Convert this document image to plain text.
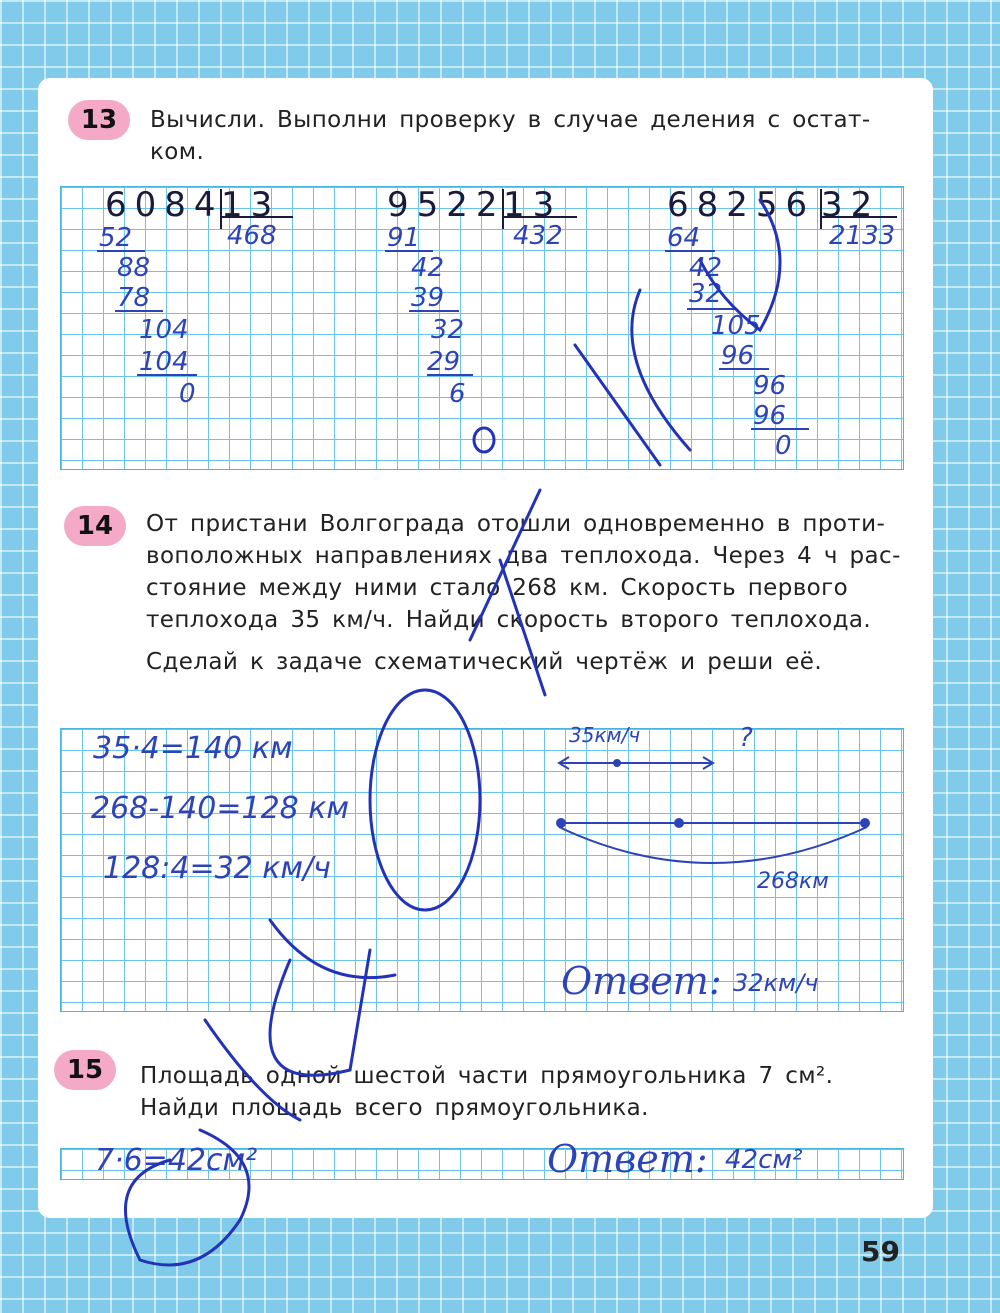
13 Вычисли. Выполни проверку в случае деления с остат-
ком.
6084
13
468
52
88
78
104
104
0
9522
13
432
91
42
39
32
29
6
68256 32
2133
64
42
32
105
96
96
96
0
14 От пристани Волгограда отошли одновременно в проти-
воположных направлениях два теплохода. Через 4 ч рас-
стояние между ними стало 268 км. Скорость первого
теплохода 35 км/ч. Найди скорость второго теплохода.
Сделай к задаче схематический чертёж и реши её.
35·4=140 км
268-140=128 км
128:4=32 км/ч
35км/ч	?
268км
Ответ: 32км/ч
15 Площадь одной шестой части прямоугольника 7 см².
Найди площадь всего прямоугольника.
7·6=42см²	Ответ: 42см²
59
